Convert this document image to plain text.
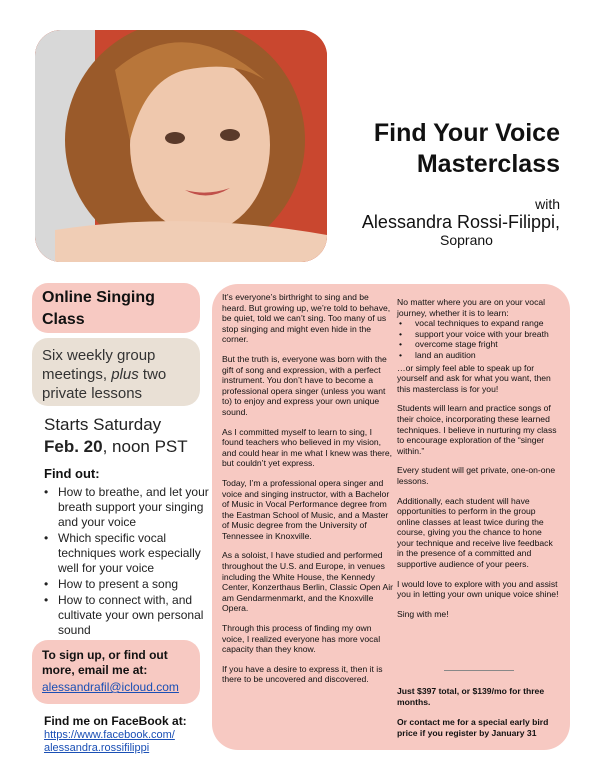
Find Your Voice
Masterclass
with
Alessandra Rossi-Filippi,
Soprano
Online Singing Class
Six weekly group meetings, plus two private lessons
Starts Saturday
Feb. 20, noon PST
Find out:
• How to breathe, and let your breath support your singing and your voice
• Which specific vocal techniques work especially well for your voice
• How to present a song
• How to connect with, and cultivate your own personal sound
To sign up, or find out more, email me at:
alessandrafil@icloud.com
Find me on FaceBook at:
https://www.facebook.com/
alessandra.rossifilippi

It’s everyone’s birthright to sing and be heard. But growing up, we’re told to behave, be quiet, told we can’t sing. Too many of us stop singing and might even hide in the corner.

But the truth is, everyone was born with the gift of song and expression, with a perfect instrument. You don’t have to become a professional opera singer (unless you want to) to enjoy and express your own unique sound.

As I committed myself to learn to sing, I found teachers who believed in my vision, and could hear in me what I knew was there, but couldn’t yet express.

Today, I’m a professional opera singer and voice and singing instructor, with a Bachelor of Music in Vocal Performance degree from the Eastman School of Music, and a Master of Music degree from the University of Tennessee in Knoxville.

As a soloist, I have studied and performed throughout the U.S. and Europe, in venues including the White House, the Kennedy Center, Konzerthaus Berlin, Classic Open Air am Gendarmenmarkt, and the Knoxville Opera.

Through this process of finding my own voice, I realized everyone has more vocal capacity than they know.

If you have a desire to express it, then it is there to be uncovered and discovered.

No matter where you are on your vocal journey, whether it is to learn:
• vocal techniques to expand range
• support your voice with your breath
• overcome stage fright
• land an audition

…or simply feel able to speak up for yourself and ask for what you want, then this masterclass is for you!

Students will learn and practice songs of their choice, incorporating these learned techniques. I believe in nurturing my class to encourage exploration of the “singer within.”

Every student will get private, one-on-one lessons.

Additionally, each student will have opportunities to perform in the group online classes at least twice during the course, giving you the chance to hone your technique and receive live feedback in the presence of a committed and supportive audience of your peers.

I would love to explore with you and assist you in letting your own unique voice shine!

Sing with me!

Just $397 total, or $139/mo for three months.
Or contact me for a special early bird price if you register by January 31
